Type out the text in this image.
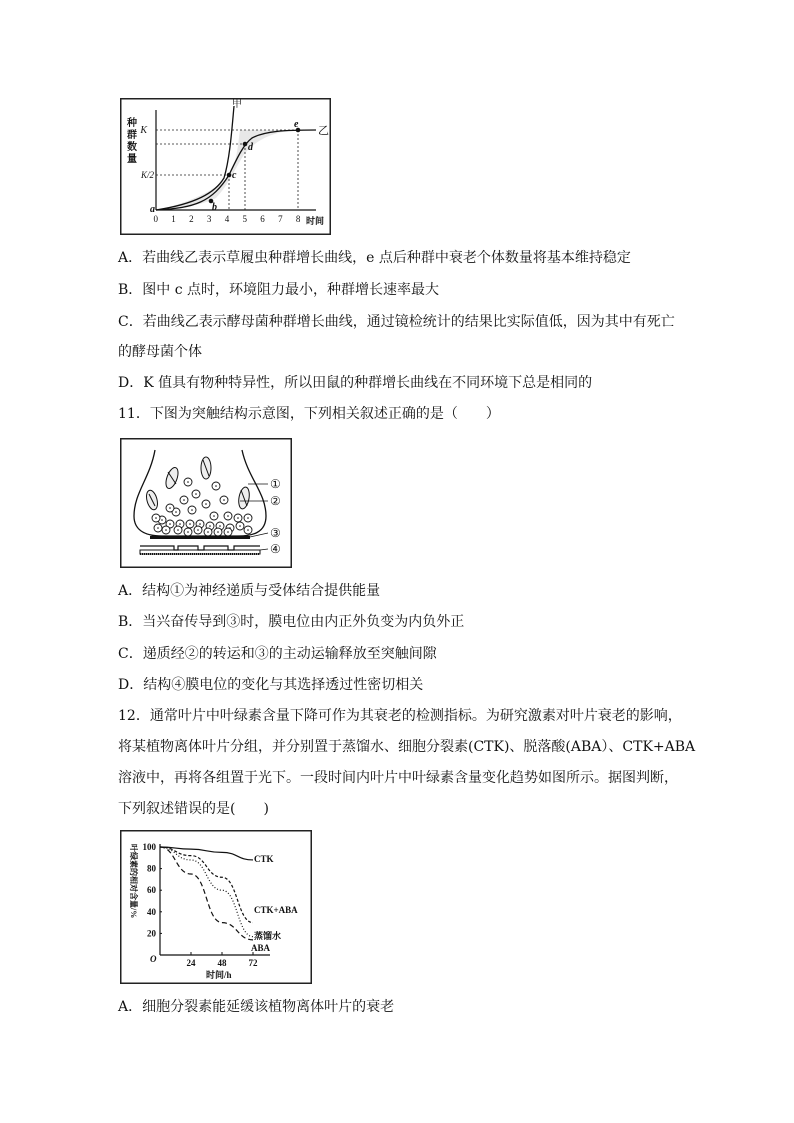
种群数量
K
K/2
甲
乙
a	b
c
d
e
0 1 2 3 4 5 6 7 8 时间
A．若曲线乙表示草履虫种群增长曲线，e 点后种群中衰老个体数量将基本维持稳定
B．图中 c 点时，环境阻力最小，种群增长速率最大
C．若曲线乙表示酵母菌种群增长曲线，通过镜检统计的结果比实际值低，因为其中有死亡
的酵母菌个体
D．K 值具有物种特异性，所以田鼠的种群增长曲线在不同环境下总是相同的
11．下图为突触结构示意图，下列相关叙述正确的是（　　）
①
②
③
④
A．结构①为神经递质与受体结合提供能量
B．当兴奋传导到③时，膜电位由内正外负变为内负外正
C．递质经②的转运和③的主动运输释放至突触间隙
D．结构④膜电位的变化与其选择透过性密切相关
12．通常叶片中叶绿素含量下降可作为其衰老的检测指标。为研究激素对叶片衰老的影响，
将某植物离体叶片分组，并分别置于蒸馏水、细胞分裂素(CTK)、脱落酸(ABA）、CTK+ABA
溶液中，再将各组置于光下。一段时间内叶片中叶绿素含量变化趋势如图所示。据图判断，
下列叙述错误的是(　　)
叶绿素的相对含量/%
O
100
80
60
40
20
24 48 72
时间/h
CTK
CTK+ABA
蒸馏水
ABA
A．细胞分裂素能延缓该植物离体叶片的衰老
